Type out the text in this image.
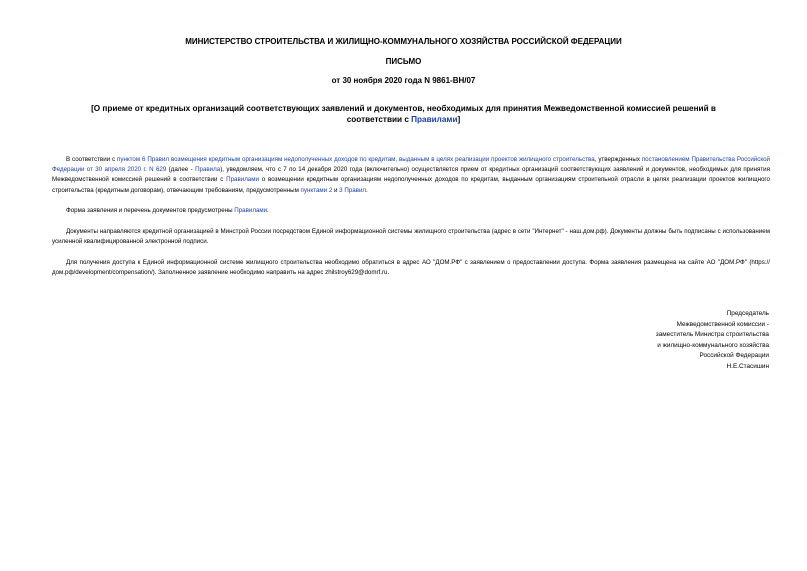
МИНИСТЕРСТВО СТРОИТЕЛЬСТВА И ЖИЛИЩНО-КОММУНАЛЬНОГО ХОЗЯЙСТВА РОССИЙСКОЙ ФЕДЕРАЦИИ
ПИСЬМО
от 30 ноября 2020 года N 9861-ВН/07
[О приеме от кредитных организаций соответствующих заявлений и документов, необходимых для принятия Межведомственной комиссией решений в соответствии с Правилами]
В соответствии с пунктом 6 Правил возмещения кредитным организациям недополученных доходов по кредитам, выданным в целях реализации проектов жилищного строительства, утвержденных постановлением Правительства Российской Федерации от 30 апреля 2020 г. N 629 (далее - Правила), уведомляем, что с 7 по 14 декабря 2020 года (включительно) осуществляется прием от кредитных организаций соответствующих заявлений и документов, необходимых для принятия Межведомственной комиссией решений в соответствии с Правилами о возмещении кредитным организациям недополученных доходов по кредитам, выданным организациям строительной отрасли в целях реализации проектов жилищного строительства (кредитным договорам), отвечающим требованиям, предусмотренным пунктами 2 и 3 Правил.
Форма заявления и перечень документов предусмотрены Правилами.
Документы направляются кредитной организацией в Минстрой России посредством Единой информационной системы жилищного строительства (адрес в сети "Интернет" - наш.дом.рф). Документы должны быть подписаны с использованием усиленной квалифицированной электронной подписи.
Для получения доступа к Единой информационной системе жилищного строительства необходимо обратиться в адрес АО "ДОМ.РФ" с заявлением о предоставлении доступа. Форма заявления размещена на сайте АО "ДОМ.РФ" (https://дом.рф/development/compensation/). Заполненное заявление необходимо направить на адрес zhilstroy629@domrf.ru.
Председатель
Межведомственной комиссии -
заместитель Министра строительства
и жилищно-коммунального хозяйства
Российской Федерации
Н.Е.Стасишин
